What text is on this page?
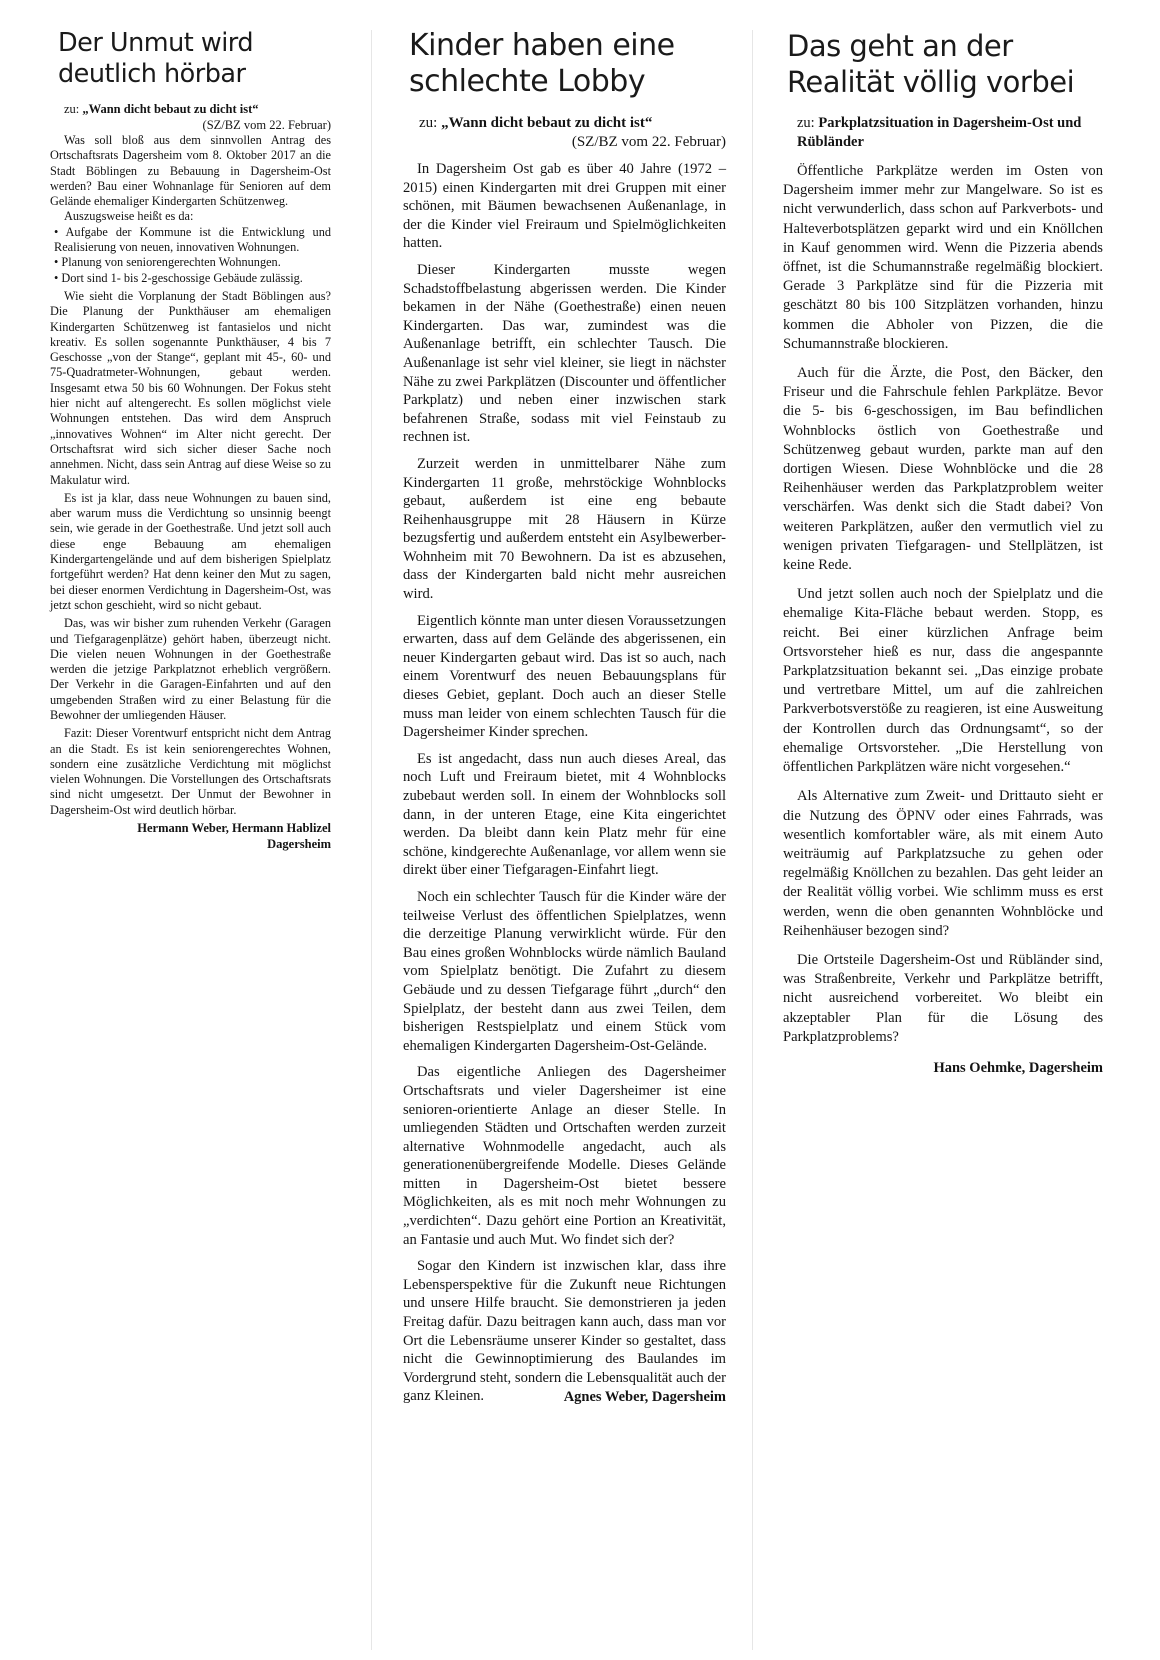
Der Unmut wird deutlich hörbar

zu: „Wann dicht bebaut zu dicht ist“

(SZ/BZ vom 22. Februar)

Was soll bloß aus dem sinnvollen Antrag des Ortschaftsrats Dagersheim vom 8. Oktober 2017 an die Stadt Böblingen zu Bebauung in Dagersheim-Ost werden? Bau einer Wohnanlage für Senioren auf dem Gelände ehemaliger Kindergarten Schützenweg.

Auszugsweise heißt es da:

• Aufgabe der Kommune ist die Entwicklung und Realisierung von neuen, innovativen Wohnungen.

• Planung von seniorengerechten Wohnungen.

• Dort sind 1- bis 2-geschossige Gebäude zulässig.

Wie sieht die Vorplanung der Stadt Böblingen aus? Die Planung der Punkthäuser am ehemaligen Kindergarten Schützenweg ist fantasielos und nicht kreativ. Es sollen sogenannte Punkthäuser, 4 bis 7 Geschosse „von der Stange“, geplant mit 45-, 60- und 75-Quadratmeter-Wohnungen, gebaut werden. Insgesamt etwa 50 bis 60 Wohnungen. Der Fokus steht hier nicht auf altengerecht. Es sollen möglichst viele Wohnungen entstehen. Das wird dem Anspruch „innovatives Wohnen“ im Alter nicht gerecht. Der Ortschaftsrat wird sich sicher dieser Sache noch annehmen. Nicht, dass sein Antrag auf diese Weise so zu Makulatur wird.

Es ist ja klar, dass neue Wohnungen zu bauen sind, aber warum muss die Verdichtung so unsinnig beengt sein, wie gerade in der Goethestraße. Und jetzt soll auch diese enge Bebauung am ehemaligen Kindergartengelände und auf dem bisherigen Spielplatz fortgeführt werden? Hat denn keiner den Mut zu sagen, bei dieser enormen Verdichtung in Dagersheim-Ost, was jetzt schon geschieht, wird so nicht gebaut.

Das, was wir bisher zum ruhenden Verkehr (Garagen und Tiefgaragenplätze) gehört haben, überzeugt nicht. Die vielen neuen Wohnungen in der Goethestraße werden die jetzige Parkplatznot erheblich vergrößern. Der Verkehr in die Garagen-Einfahrten und auf den umgebenden Straßen wird zu einer Belastung für die Bewohner der umliegenden Häuser.

Fazit: Dieser Vorentwurf entspricht nicht dem Antrag an die Stadt. Es ist kein seniorengerechtes Wohnen, sondern eine zusätzliche Verdichtung mit möglichst vielen Wohnungen. Die Vorstellungen des Ortschaftsrats sind nicht umgesetzt. Der Unmut der Bewohner in Dagersheim-Ost wird deutlich hörbar.

Hermann Weber, Hermann Hablizel
Dagersheim
Kinder haben eine schlechte Lobby

zu: „Wann dicht bebaut zu dicht ist“

(SZ/BZ vom 22. Februar)

In Dagersheim Ost gab es über 40 Jahre (1972 – 2015) einen Kindergarten mit drei Gruppen mit einer schönen, mit Bäumen bewachsenen Außenanlage, in der die Kinder viel Freiraum und Spielmöglichkeiten hatten.

Dieser Kindergarten musste wegen Schadstoffbelastung abgerissen werden. Die Kinder bekamen in der Nähe (Goethestraße) einen neuen Kindergarten. Das war, zumindest was die Außenanlage betrifft, ein schlechter Tausch. Die Außenanlage ist sehr viel kleiner, sie liegt in nächster Nähe zu zwei Parkplätzen (Discounter und öffentlicher Parkplatz) und neben einer inzwischen stark befahrenen Straße, sodass mit viel Feinstaub zu rechnen ist.

Zurzeit werden in unmittelbarer Nähe zum Kindergarten 11 große, mehrstöckige Wohnblocks gebaut, außerdem ist eine eng bebaute Reihenhausgruppe mit 28 Häusern in Kürze bezugsfertig und außerdem entsteht ein Asylbewerber-Wohnheim mit 70 Bewohnern. Da ist es abzusehen, dass der Kindergarten bald nicht mehr ausreichen wird.

Eigentlich könnte man unter diesen Voraussetzungen erwarten, dass auf dem Gelände des abgerissenen, ein neuer Kindergarten gebaut wird. Das ist so auch, nach einem Vorentwurf des neuen Bebauungsplans für dieses Gebiet, geplant. Doch auch an dieser Stelle muss man leider von einem schlechten Tausch für die Dagersheimer Kinder sprechen.

Es ist angedacht, dass nun auch dieses Areal, das noch Luft und Freiraum bietet, mit 4 Wohnblocks zubebaut werden soll. In einem der Wohnblocks soll dann, in der unteren Etage, eine Kita eingerichtet werden. Da bleibt dann kein Platz mehr für eine schöne, kindgerechte Außenanlage, vor allem wenn sie direkt über einer Tiefgaragen-Einfahrt liegt.

Noch ein schlechter Tausch für die Kinder wäre der teilweise Verlust des öffentlichen Spielplatzes, wenn die derzeitige Planung verwirklicht würde. Für den Bau eines großen Wohnblocks würde nämlich Bauland vom Spielplatz benötigt. Die Zufahrt zu diesem Gebäude und zu dessen Tiefgarage führt „durch“ den Spielplatz, der besteht dann aus zwei Teilen, dem bisherigen Restspielplatz und einem Stück vom ehemaligen Kindergarten Dagersheim-Ost-Gelände.

Das eigentliche Anliegen des Dagersheimer Ortschaftsrats und vieler Dagersheimer ist eine senioren-orientierte Anlage an dieser Stelle. In umliegenden Städten und Ortschaften werden zurzeit alternative Wohnmodelle angedacht, auch als generationenübergreifende Modelle. Dieses Gelände mitten in Dagersheim-Ost bietet bessere Möglichkeiten, als es mit noch mehr Wohnungen zu „verdichten“. Dazu gehört eine Portion an Kreativität, an Fantasie und auch Mut. Wo findet sich der?

Sogar den Kindern ist inzwischen klar, dass ihre Lebensperspektive für die Zukunft neue Richtungen und unsere Hilfe braucht. Sie demonstrieren ja jeden Freitag dafür. Dazu beitragen kann auch, dass man vor Ort die Lebensräume unserer Kinder so gestaltet, dass nicht die Gewinnoptimierung des Baulandes im Vordergrund steht, sondern die Lebensqualität auch der ganz Kleinen.	Agnes Weber, Dagersheim
Das geht an der Realität völlig vorbei

zu: Parkplatzsituation in Dagersheim-Ost und Rübländer

Öffentliche Parkplätze werden im Osten von Dagersheim immer mehr zur Mangelware. So ist es nicht verwunderlich, dass schon auf Parkverbots- und Halteverbotsplätzen geparkt wird und ein Knöllchen in Kauf genommen wird. Wenn die Pizzeria abends öffnet, ist die Schumannstraße regelmäßig blockiert. Gerade 3 Parkplätze sind für die Pizzeria mit geschätzt 80 bis 100 Sitzplätzen vorhanden, hinzu kommen die Abholer von Pizzen, die die Schumannstraße blockieren.

Auch für die Ärzte, die Post, den Bäcker, den Friseur und die Fahrschule fehlen Parkplätze. Bevor die 5- bis 6-geschossigen, im Bau befindlichen Wohnblocks östlich von Goethestraße und Schützenweg gebaut wurden, parkte man auf den dortigen Wiesen. Diese Wohnblöcke und die 28 Reihenhäuser werden das Parkplatzproblem weiter verschärfen. Was denkt sich die Stadt dabei? Von weiteren Parkplätzen, außer den vermutlich viel zu wenigen privaten Tiefgaragen- und Stellplätzen, ist keine Rede.

Und jetzt sollen auch noch der Spielplatz und die ehemalige Kita-Fläche bebaut werden. Stopp, es reicht. Bei einer kürzlichen Anfrage beim Ortsvorsteher hieß es nur, dass die angespannte Parkplatzsituation bekannt sei. „Das einzige probate und vertretbare Mittel, um auf die zahlreichen Parkverbotsverstöße zu reagieren, ist eine Ausweitung der Kontrollen durch das Ordnungsamt“, so der ehemalige Ortsvorsteher. „Die Herstellung von öffentlichen Parkplätzen wäre nicht vorgesehen.“

Als Alternative zum Zweit- und Drittauto sieht er die Nutzung des ÖPNV oder eines Fahrrads, was wesentlich komfortabler wäre, als mit einem Auto weiträumig auf Parkplatzsuche zu gehen oder regelmäßig Knöllchen zu bezahlen. Das geht leider an der Realität völlig vorbei. Wie schlimm muss es erst werden, wenn die oben genannten Wohnblöcke und Reihenhäuser bezogen sind?

Die Ortsteile Dagersheim-Ost und Rübländer sind, was Straßenbreite, Verkehr und Parkplätze betrifft, nicht ausreichend vorbereitet. Wo bleibt ein akzeptabler Plan für die Lösung des Parkplatzproblems?

Hans Oehmke, Dagersheim
